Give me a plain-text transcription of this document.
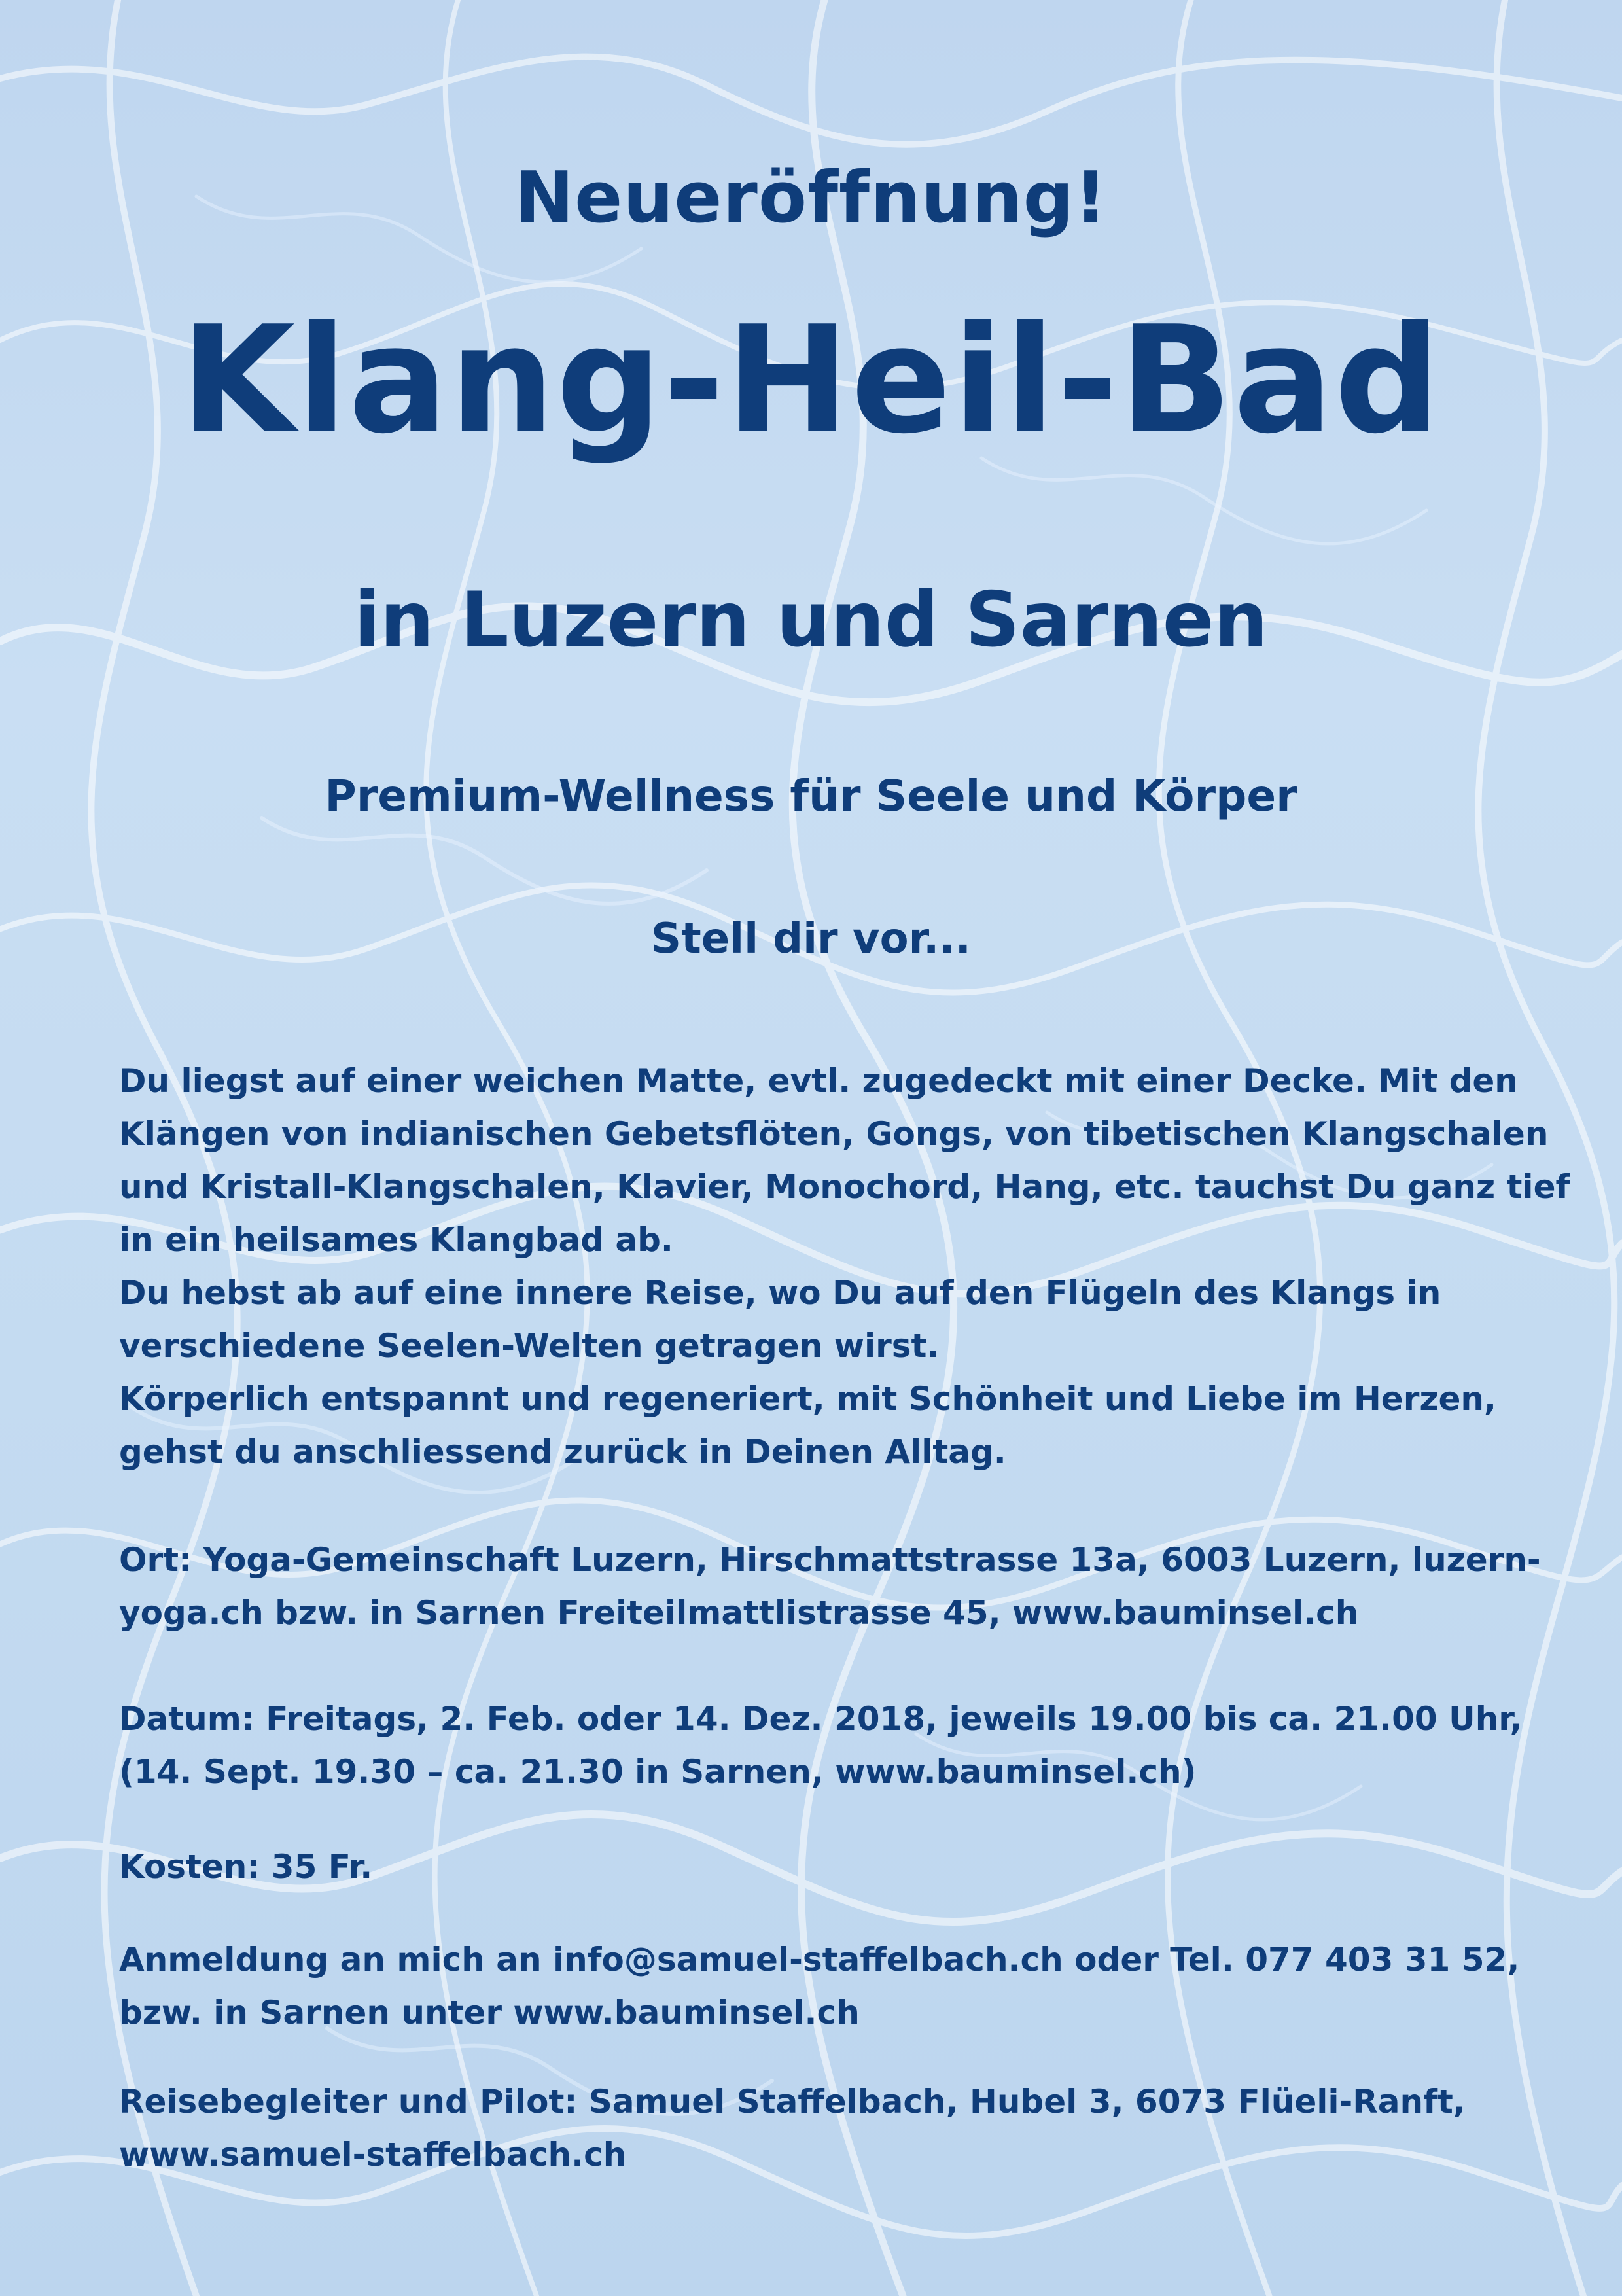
Neueröffnung!
Klang-Heil-Bad
in Luzern und Sarnen
Premium-Wellness für Seele und Körper
Stell dir vor...
Du liegst auf einer weichen Matte, evtl. zugedeckt mit einer Decke. Mit den
Klängen von indianischen Gebetsflöten, Gongs, von tibetischen Klangschalen
und Kristall-Klangschalen, Klavier, Monochord, Hang, etc. tauchst Du ganz tief
in ein heilsames Klangbad ab.
Du hebst ab auf eine innere Reise, wo Du auf den Flügeln des Klangs in
verschiedene Seelen-Welten getragen wirst.
Körperlich entspannt und regeneriert, mit Schönheit und Liebe im Herzen,
gehst du anschliessend zurück in Deinen Alltag.
Ort: Yoga-Gemeinschaft Luzern, Hirschmattstrasse 13a, 6003 Luzern, luzern-
yoga.ch bzw. in Sarnen Freiteilmattlistrasse 45, www.bauminsel.ch
Datum: Freitags, 2. Feb. oder 14. Dez. 2018, jeweils 19.00 bis ca. 21.00 Uhr,
(14. Sept. 19.30 – ca. 21.30 in Sarnen, www.bauminsel.ch)
Kosten: 35 Fr.
Anmeldung an mich an info@samuel-staffelbach.ch oder Tel. 077 403 31 52,
bzw. in Sarnen unter www.bauminsel.ch
Reisebegleiter und Pilot: Samuel Staffelbach, Hubel 3, 6073 Flüeli-Ranft,
www.samuel-staffelbach.ch
